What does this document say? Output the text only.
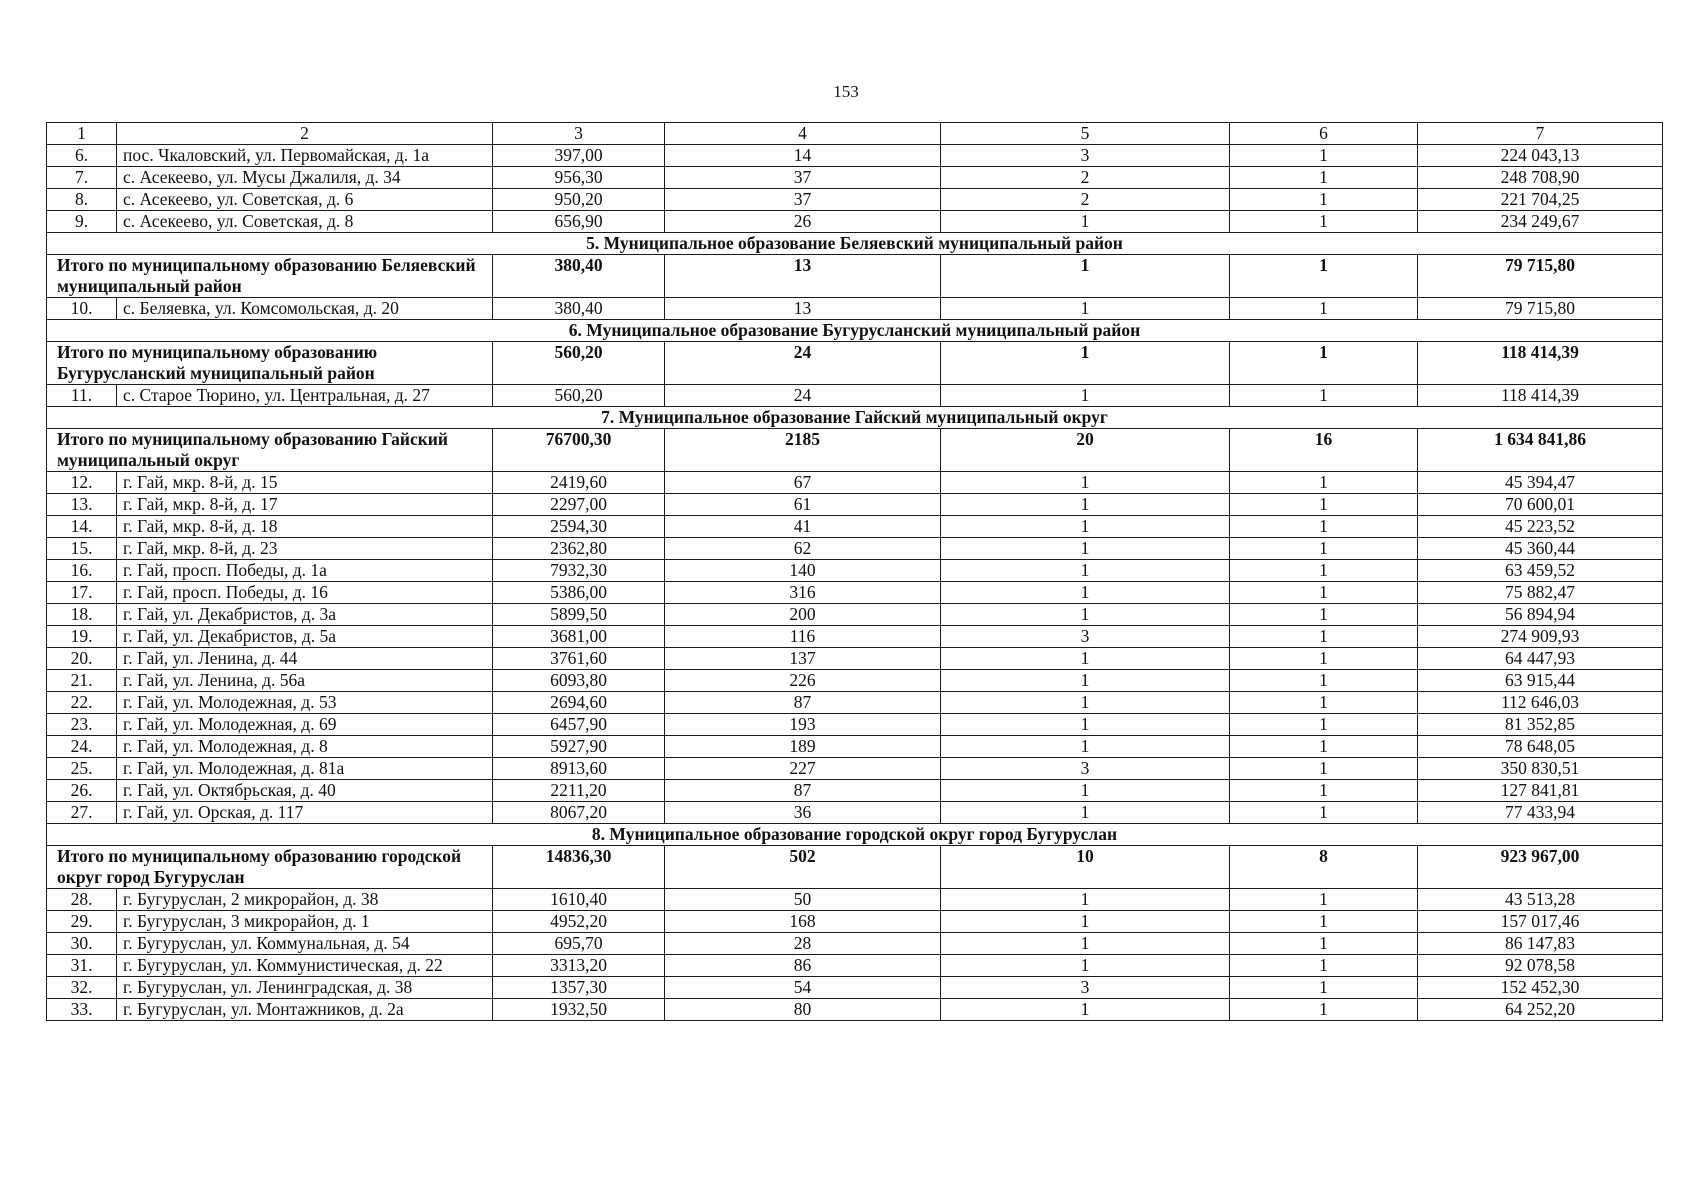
153
1	2	3	4	5	6	7
6.	пос. Чкаловский, ул. Первомайская, д. 1а	397,00	14	3	1	224 043,13
7.	с. Асекеево, ул. Мусы Джалиля, д. 34	956,30	37	2	1	248 708,90
8.	с. Асекеево, ул. Советская, д. 6	950,20	37	2	1	221 704,25
9.	с. Асекеево, ул. Советская, д. 8	656,90	26	1	1	234 249,67
5. Муниципальное образование Беляевский муниципальный район						
Итого по муниципальному образованию Беляевский муниципальный район		380,40	13	1	1	79 715,80
10.	с. Беляевка, ул. Комсомольская, д. 20	380,40	13	1	1	79 715,80
6. Муниципальное образование Бугурусланский муниципальный район						
Итого по муниципальному образованию Бугурусланский муниципальный район		560,20	24	1	1	118 414,39
11.	с. Старое Тюрино, ул. Центральная, д. 27	560,20	24	1	1	118 414,39
7. Муниципальное образование Гайский муниципальный округ						
Итого по муниципальному образованию Гайский муниципальный округ		76700,30	2185	20	16	1 634 841,86
12.	г. Гай, мкр. 8-й, д. 15	2419,60	67	1	1	45 394,47
13.	г. Гай, мкр. 8-й, д. 17	2297,00	61	1	1	70 600,01
14.	г. Гай, мкр. 8-й, д. 18	2594,30	41	1	1	45 223,52
15.	г. Гай, мкр. 8-й, д. 23	2362,80	62	1	1	45 360,44
16.	г. Гай, просп. Победы, д. 1а	7932,30	140	1	1	63 459,52
17.	г. Гай, просп. Победы, д. 16	5386,00	316	1	1	75 882,47
18.	г. Гай, ул. Декабристов, д. 3а	5899,50	200	1	1	56 894,94
19.	г. Гай, ул. Декабристов, д. 5а	3681,00	116	3	1	274 909,93
20.	г. Гай, ул. Ленина, д. 44	3761,60	137	1	1	64 447,93
21.	г. Гай, ул. Ленина, д. 56а	6093,80	226	1	1	63 915,44
22.	г. Гай, ул. Молодежная, д. 53	2694,60	87	1	1	112 646,03
23.	г. Гай, ул. Молодежная, д. 69	6457,90	193	1	1	81 352,85
24.	г. Гай, ул. Молодежная, д. 8	5927,90	189	1	1	78 648,05
25.	г. Гай, ул. Молодежная, д. 81а	8913,60	227	3	1	350 830,51
26.	г. Гай, ул. Октябрьская, д. 40	2211,20	87	1	1	127 841,81
27.	г. Гай, ул. Орская, д. 117	8067,20	36	1	1	77 433,94
8. Муниципальное образование городской округ город Бугуруслан						
Итого по муниципальному образованию городской округ город Бугуруслан		14836,30	502	10	8	923 967,00
28.	г. Бугуруслан, 2 микрорайон, д. 38	1610,40	50	1	1	43 513,28
29.	г. Бугуруслан, 3 микрорайон, д. 1	4952,20	168	1	1	157 017,46
30.	г. Бугуруслан, ул. Коммунальная, д. 54	695,70	28	1	1	86 147,83
31.	г. Бугуруслан, ул. Коммунистическая, д. 22	3313,20	86	1	1	92 078,58
32.	г. Бугуруслан, ул. Ленинградская, д. 38	1357,30	54	3	1	152 452,30
33.	г. Бугуруслан, ул. Монтажников, д. 2а	1932,50	80	1	1	64 252,20
